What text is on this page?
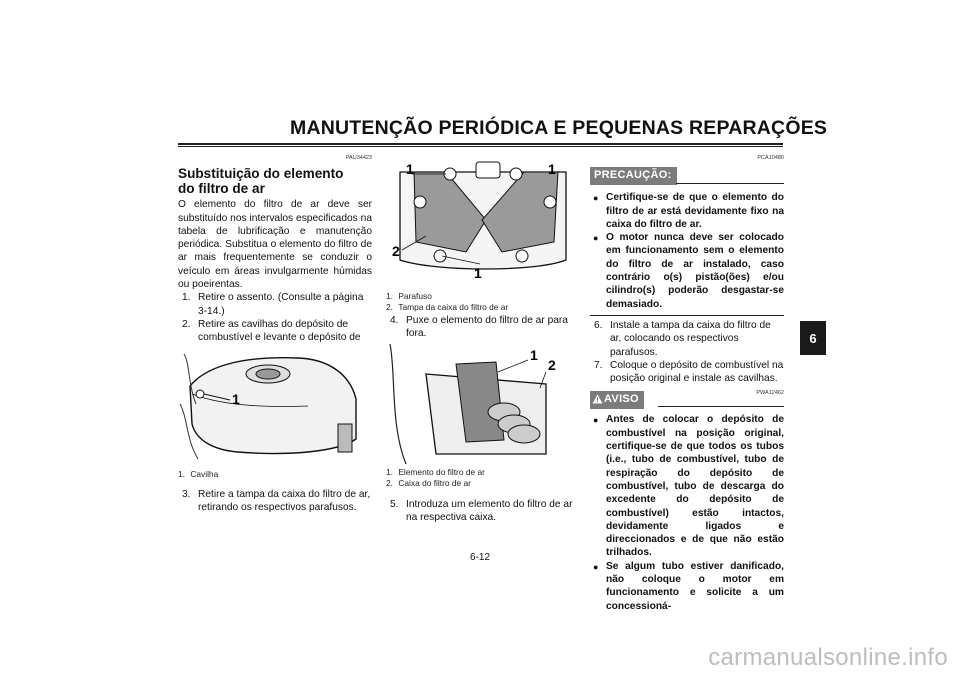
MANUTENÇÃO PERIÓDICA E PEQUENAS REPARAÇÕES
6
PAU34423
Substituição do elemento do filtro de ar

O elemento do filtro de ar deve ser substituído nos intervalos especificados na tabela de lubrificação e manutenção periódica. Substitua o elemento do filtro de ar mais frequentemente se conduzir o veículo em áreas invulgarmente húmidas ou poeirentas.

1. Retire o assento. (Consulte a página 3-14.)
2. Retire as cavilhas do depósito de combustível e levante o depósito de
1
1.
Cavilha
3. Retire a tampa da caixa do filtro de ar, retirando os respectivos parafusos.
1	1
2
1
1.
Parafuso
2.
Tampa da caixa do filtro de ar
4. Puxe o elemento do filtro de ar para fora.
1
2
1.
Elemento do filtro de ar
2.
Caixa do filtro de ar
5. Introduza um elemento do filtro de ar na respectiva caixa.
PCA10480
PRECAUÇÃO:
● Certifique-se de que o elemento do filtro de ar está devidamente fixo na caixa do filtro de ar.
● O motor nunca deve ser colocado em funcionamento sem o elemento do filtro de ar instalado, caso contrário o(s) pistão(ões) e/ou cilindro(s) poderão desgastar-se demasiado.
6. Instale a tampa da caixa do filtro de ar, colocando os respectivos parafusos.
7. Coloque o depósito de combustível na posição original e instale as cavilhas.
PWA12462
AVISO
● Antes de colocar o depósito de combustível na posição original, certifique-se de que todos os tubos (i.e., tubo de combustível, tubo de respiração do depósito de combustível, tubo de descarga do excedente do depósito de combustível) estão intactos, devidamente ligados e direccionados e de que não estão trilhados.
● Se algum tubo estiver danificado, não coloque o motor em funcionamento e solicite a um concessioná-
6-12
carmanualsonline.info
